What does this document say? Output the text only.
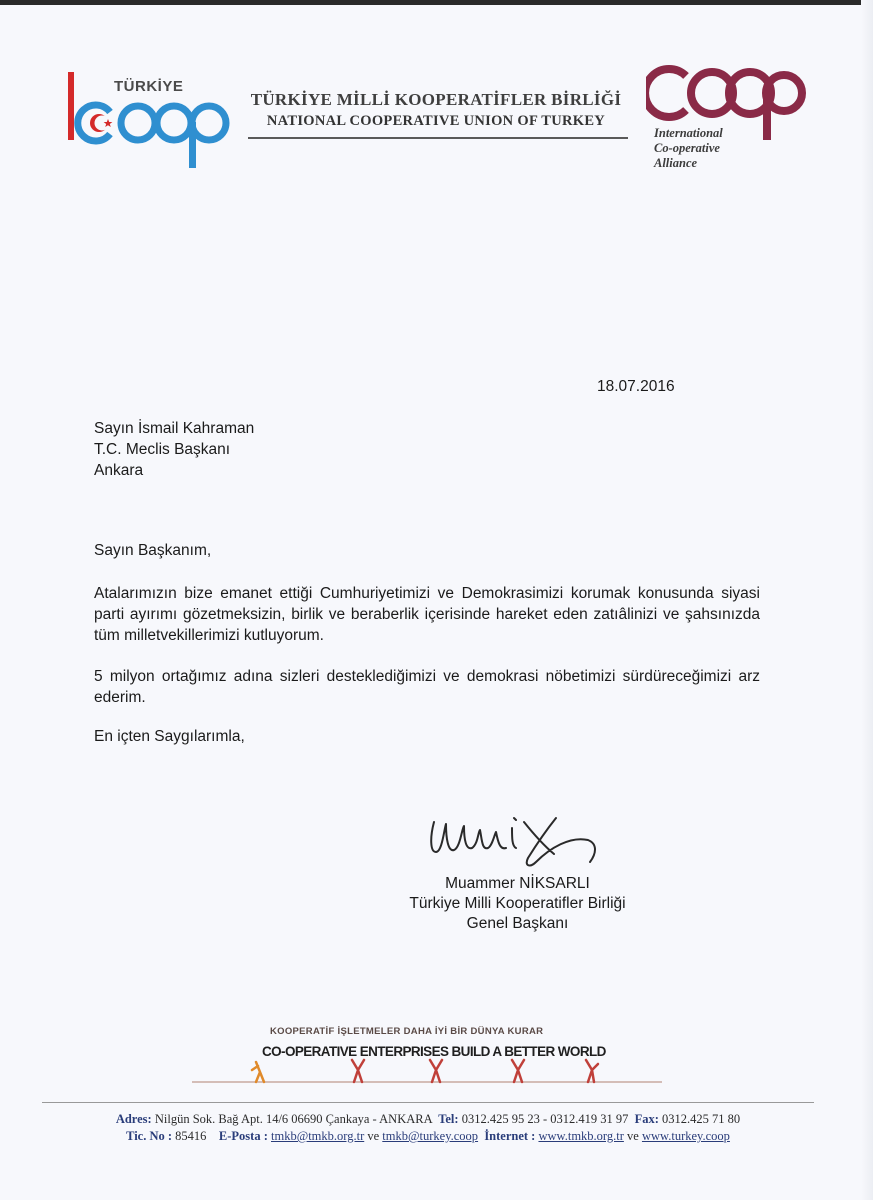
TÜRKİYE
TÜRKİYE MİLLİ KOOPERATİFLER BİRLİĞİ
NATIONAL COOPERATIVE UNION OF TURKEY
International
Co-operative
Alliance
18.07.2016
Sayın İsmail Kahraman
T.C. Meclis Başkanı
Ankara
Sayın Başkanım,
Atalarımızın bize emanet ettiği Cumhuriyetimizi ve Demokrasimizi korumak konusunda siyasi parti ayırımı gözetmeksizin, birlik ve beraberlik içerisinde hareket eden zatıâlinizi ve şahsınızda tüm milletvekillerimizi kutluyorum.
5 milyon ortağımız adına sizleri desteklediğimizi ve demokrasi nöbetimizi sürdüreceğimizi arz ederim.
En içten Saygılarımla,
Muammer NİKSARLI
Türkiye Milli Kooperatifler Birliği
Genel Başkanı
KOOPERATİF İŞLETMELER DAHA İYİ BİR DÜNYA KURAR
CO-OPERATIVE ENTERPRISES BUILD A BETTER WORLD
Adres: Nilgün Sok. Bağ Apt. 14/6 06690 Çankaya - ANKARA Tel: 0312.425 95 23 - 0312.419 31 97 Fax: 0312.425 71 80
Tic. No : 85416 E-Posta : tmkb@tmkb.org.tr ve tmkb@turkey.coop İnternet : www.tmkb.org.tr ve www.turkey.coop
